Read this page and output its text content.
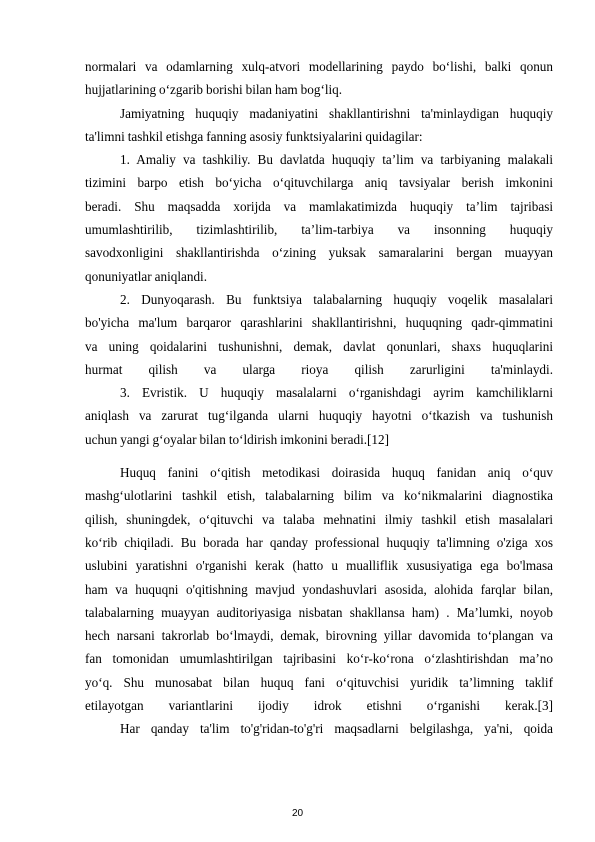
normalari va odamlarning xulq-atvori modellarining paydo bo‘lishi, balki qonun

hujjatlarining o‘zgarib borishi bilan ham bog‘liq.

Jamiyatning huquqiy madaniyatini shakllantirishni ta'minlaydigan huquqiy

ta'limni tashkil etishga fanning asosiy funktsiyalarini quidagilar:

1. Amaliy va tashkiliy. Bu davlatda huquqiy ta’lim va tarbiyaning malakali

tizimini barpo etish bo‘yicha o‘qituvchilarga aniq tavsiyalar berish imkonini

beradi. Shu maqsadda xorijda va mamlakatimizda huquqiy ta’lim tajribasi

umumlashtirilib, tizimlashtirilib, ta’lim-tarbiya va insonning huquqiy

savodxonligini shakllantirishda o‘zining yuksak samaralarini bergan muayyan

qonuniyatlar aniqlandi.

2. Dunyoqarash. Bu funktsiya talabalarning huquqiy voqelik masalalari

bo'yicha ma'lum barqaror qarashlarini shakllantirishni, huquqning qadr-qimmatini

va uning qoidalarini tushunishni, demak, davlat qonunlari, shaxs huquqlarini

hurmat qilish va ularga rioya qilish zarurligini ta'minlaydi.

3. Evristik. U huquqiy masalalarni o‘rganishdagi ayrim kamchiliklarni

aniqlash va zarurat tug‘ilganda ularni huquqiy hayotni o‘tkazish va tushunish

uchun yangi g‘oyalar bilan to‘ldirish imkonini beradi.[12]

Huquq fanini o‘qitish metodikasi doirasida huquq fanidan aniq o‘quv

mashg‘ulotlarini tashkil etish, talabalarning bilim va ko‘nikmalarini diagnostika

qilish, shuningdek, o‘qituvchi va talaba mehnatini ilmiy tashkil etish masalalari

ko‘rib chiqiladi. Bu borada har qanday professional huquqiy ta'limning o'ziga xos

uslubini yaratishni o'rganishi kerak (hatto u mualliflik xususiyatiga ega bo'lmasa

ham va huquqni o'qitishning mavjud yondashuvlari asosida, alohida farqlar bilan,

talabalarning muayyan auditoriyasiga nisbatan shakllansa ham) . Ma’lumki, noyob

hech narsani takrorlab bo‘lmaydi, demak, birovning yillar davomida to‘plangan va

fan tomonidan umumlashtirilgan tajribasini ko‘r-ko‘rona o‘zlashtirishdan ma’no

yo‘q. Shu munosabat bilan huquq fani o‘qituvchisi yuridik ta’limning taklif

etilayotgan variantlarini ijodiy idrok etishni o‘rganishi kerak.[3]

Har qanday ta'lim to'g'ridan-to'g'ri maqsadlarni belgilashga, ya'ni, qoida

20
